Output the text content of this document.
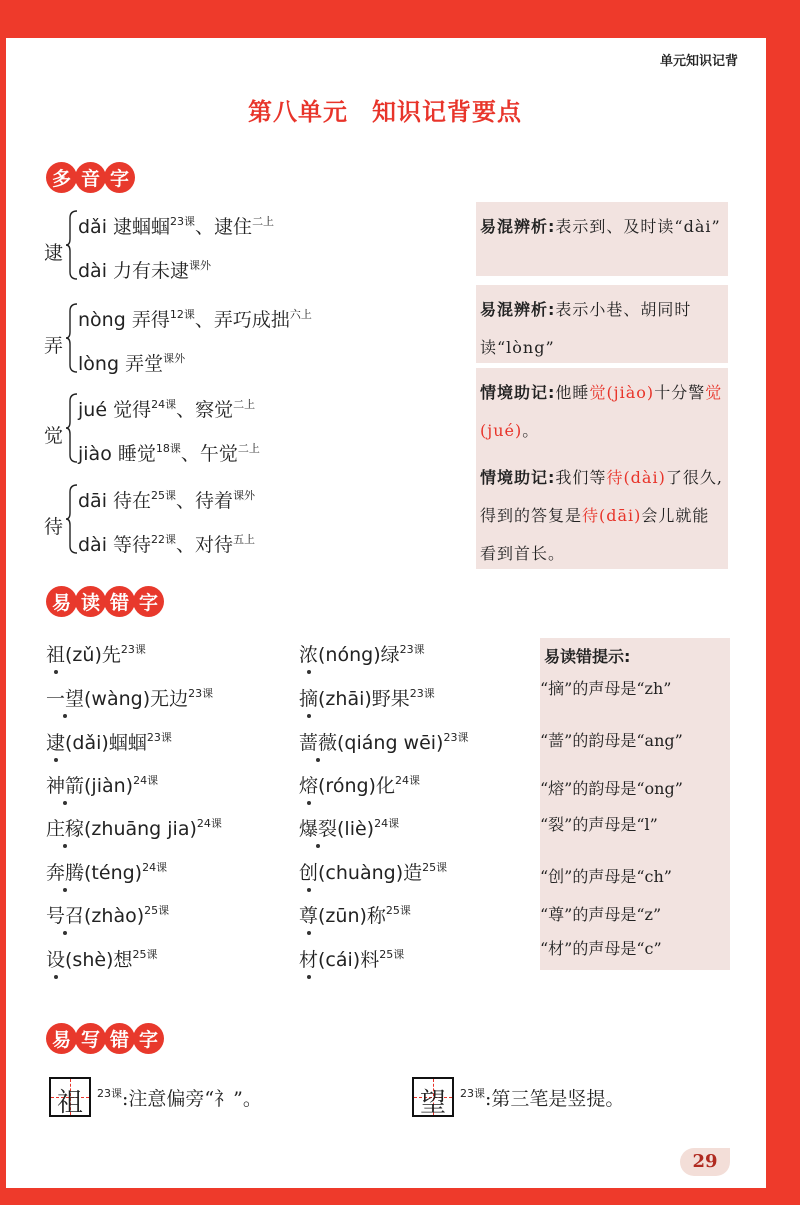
单元知识记背
第八单元 知识记背要点
多 音 字
逮
dǎi 逮蝈蝈$^{23课}$、逮住$^{二上}$
dài 力有未逮$^{课外}$
弄
nòng 弄得$^{12课}$、弄巧成拙$^{六上}$
lòng 弄堂$^{课外}$
觉
jué 觉得$^{24课}$、察觉$^{二上}$
jiào 睡觉$^{18课}$、午觉$^{二上}$
待
dāi 待在$^{25课}$、待着$^{课外}$
dài 等待$^{22课}$、对待$^{五上}$
易混辨析:表示到、及时读“dài”
易混辨析:表示小巷、胡同时读“lòng”
情境助记:他睡觉(jiào)十分警觉(jué)。
情境助记:我们等待(dài)了很久,得到的答复是待(dāi)会儿就能看到首长。
易 读 错 字
祖(zǔ)先$^{23课}$
一望(wàng)无边$^{23课}$
逮(dǎi)蝈蝈$^{23课}$
神箭(jiàn)$^{24课}$
庄稼(zhuāng jia)$^{24课}$
奔腾(téng)$^{24课}$
号召(zhào)$^{25课}$
设(shè)想$^{25课}$
浓(nóng)绿$^{23课}$
摘(zhāi)野果$^{23课}$
蔷薇(qiáng wēi)$^{23课}$
熔(róng)化$^{24课}$
爆裂(liè)$^{24课}$
创(chuàng)造$^{25课}$
尊(zūn)称$^{25课}$
材(cái)料$^{25课}$
易读错提示:
“摘”的声母是“zh”
“蔷”的韵母是“ang”
“熔”的韵母是“ong”
“裂”的声母是“l”
“创”的声母是“ch”
“尊”的声母是“z”
“材”的声母是“c”
易 写 错 字
祖	$^{23课}$:注意偏旁“礻”。	望	$^{23课}$:第三笔是竖提。
29
